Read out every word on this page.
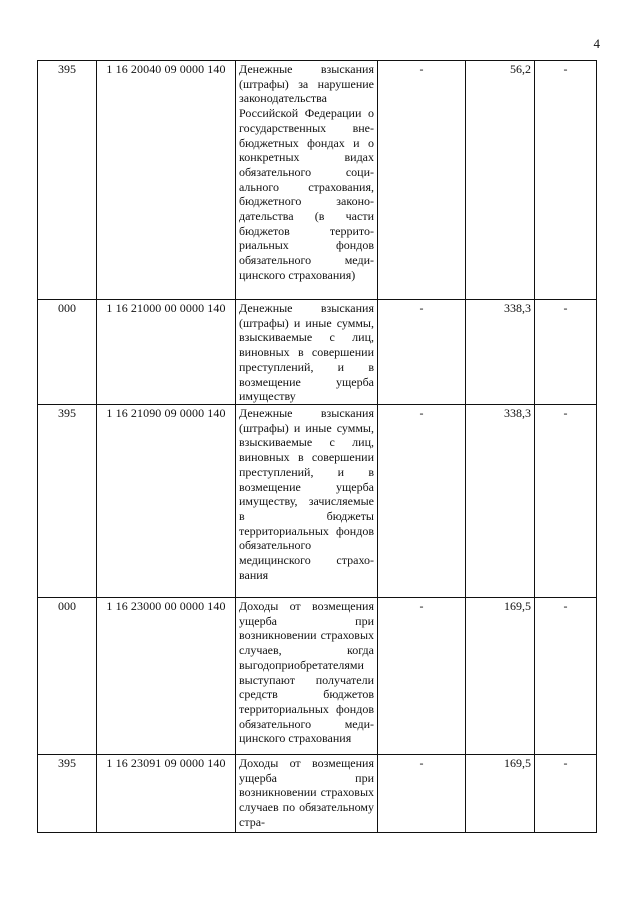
4
395	1 16 20040 09 0000 140	Денежные взыскания (штрафы) за нарушение законодательства Российской Федерации о государственных внебюджетных фондах и о конкретных видах обязательного социального страхования, бюджетного законодательства (в части бюджетов территориальных фондов обязательного медицинского страхования)	-	56,2	-
000	1 16 21000 00 0000 140	Денежные взыскания (штрафы) и иные суммы, взыскиваемые с лиц, виновных в совершении преступлений, и в возмещение ущерба имуществу	-	338,3	-
395	1 16 21090 09 0000 140	Денежные взыскания (штрафы) и иные суммы, взыскиваемые с лиц, виновных в совершении преступлений, и в возмещение ущерба имуществу, зачисляемые в бюджеты территориальных фондов обязательного медицинского страхования	-	338,3	-
000	1 16 23000 00 0000 140	Доходы от возмещения ущерба при возникновении страховых случаев, когда выгодоприобретателями выступают получатели средств бюджетов территориальных фондов обязательного медицинского страхования	-	169,5	-
395	1 16 23091 09 0000 140	Доходы от возмещения ущерба при возникновении страховых случаев по обязательному стра-	-	169,5	-
